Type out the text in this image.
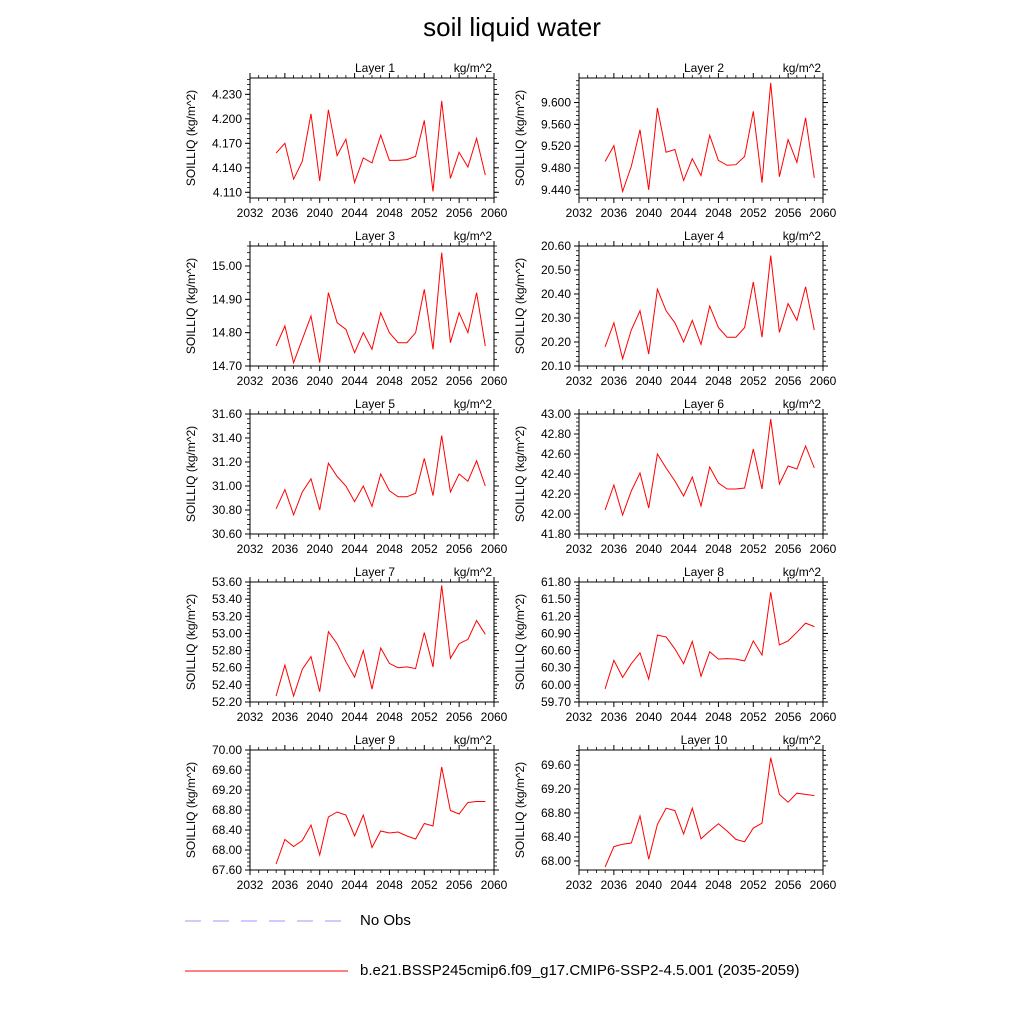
soil liquid water
2032 2036 2040 2044 2048 2052 2056 2060
4.110
4.140
4.170
4.200
4.230
Layer 1	kg/m^2
SOILLIQ (kg/m^2)
2032 2036 2040 2044 2048 2052 2056 2060
9.440
9.480
9.520
9.560
9.600
Layer 2	kg/m^2
SOILLIQ (kg/m^2)
2032 2036 2040 2044 2048 2052 2056 2060
14.70
14.80
14.90
15.00
Layer 3	kg/m^2
SOILLIQ (kg/m^2)
2032 2036 2040 2044 2048 2052 2056 2060
20.10
20.20
20.30
20.40
20.50
20.60
Layer 4	kg/m^2
SOILLIQ (kg/m^2)
2032 2036 2040 2044 2048 2052 2056 2060
30.60
30.80
31.00
31.20
31.40
31.60
Layer 5	kg/m^2
SOILLIQ (kg/m^2)
2032 2036 2040 2044 2048 2052 2056 2060
41.80
42.00
42.20
42.40
42.60
42.80
43.00
Layer 6	kg/m^2
SOILLIQ (kg/m^2)
2032 2036 2040 2044 2048 2052 2056 2060
52.20
52.40
52.60
52.80
53.00
53.20
53.40
53.60
Layer 7	kg/m^2
SOILLIQ (kg/m^2)
2032 2036 2040 2044 2048 2052 2056 2060
59.70
60.00
60.30
60.60
60.90
61.20
61.50
61.80
Layer 8	kg/m^2
SOILLIQ (kg/m^2)
2032 2036 2040 2044 2048 2052 2056 2060
67.60
68.00
68.40
68.80
69.20
69.60
70.00
Layer 9	kg/m^2
SOILLIQ (kg/m^2)
2032 2036 2040 2044 2048 2052 2056 2060
68.00
68.40
68.80
69.20
69.60
Layer 10	kg/m^2
SOILLIQ (kg/m^2)
No Obs
b.e21.BSSP245cmip6.f09_g17.CMIP6-SSP2-4.5.001 (2035-2059)
